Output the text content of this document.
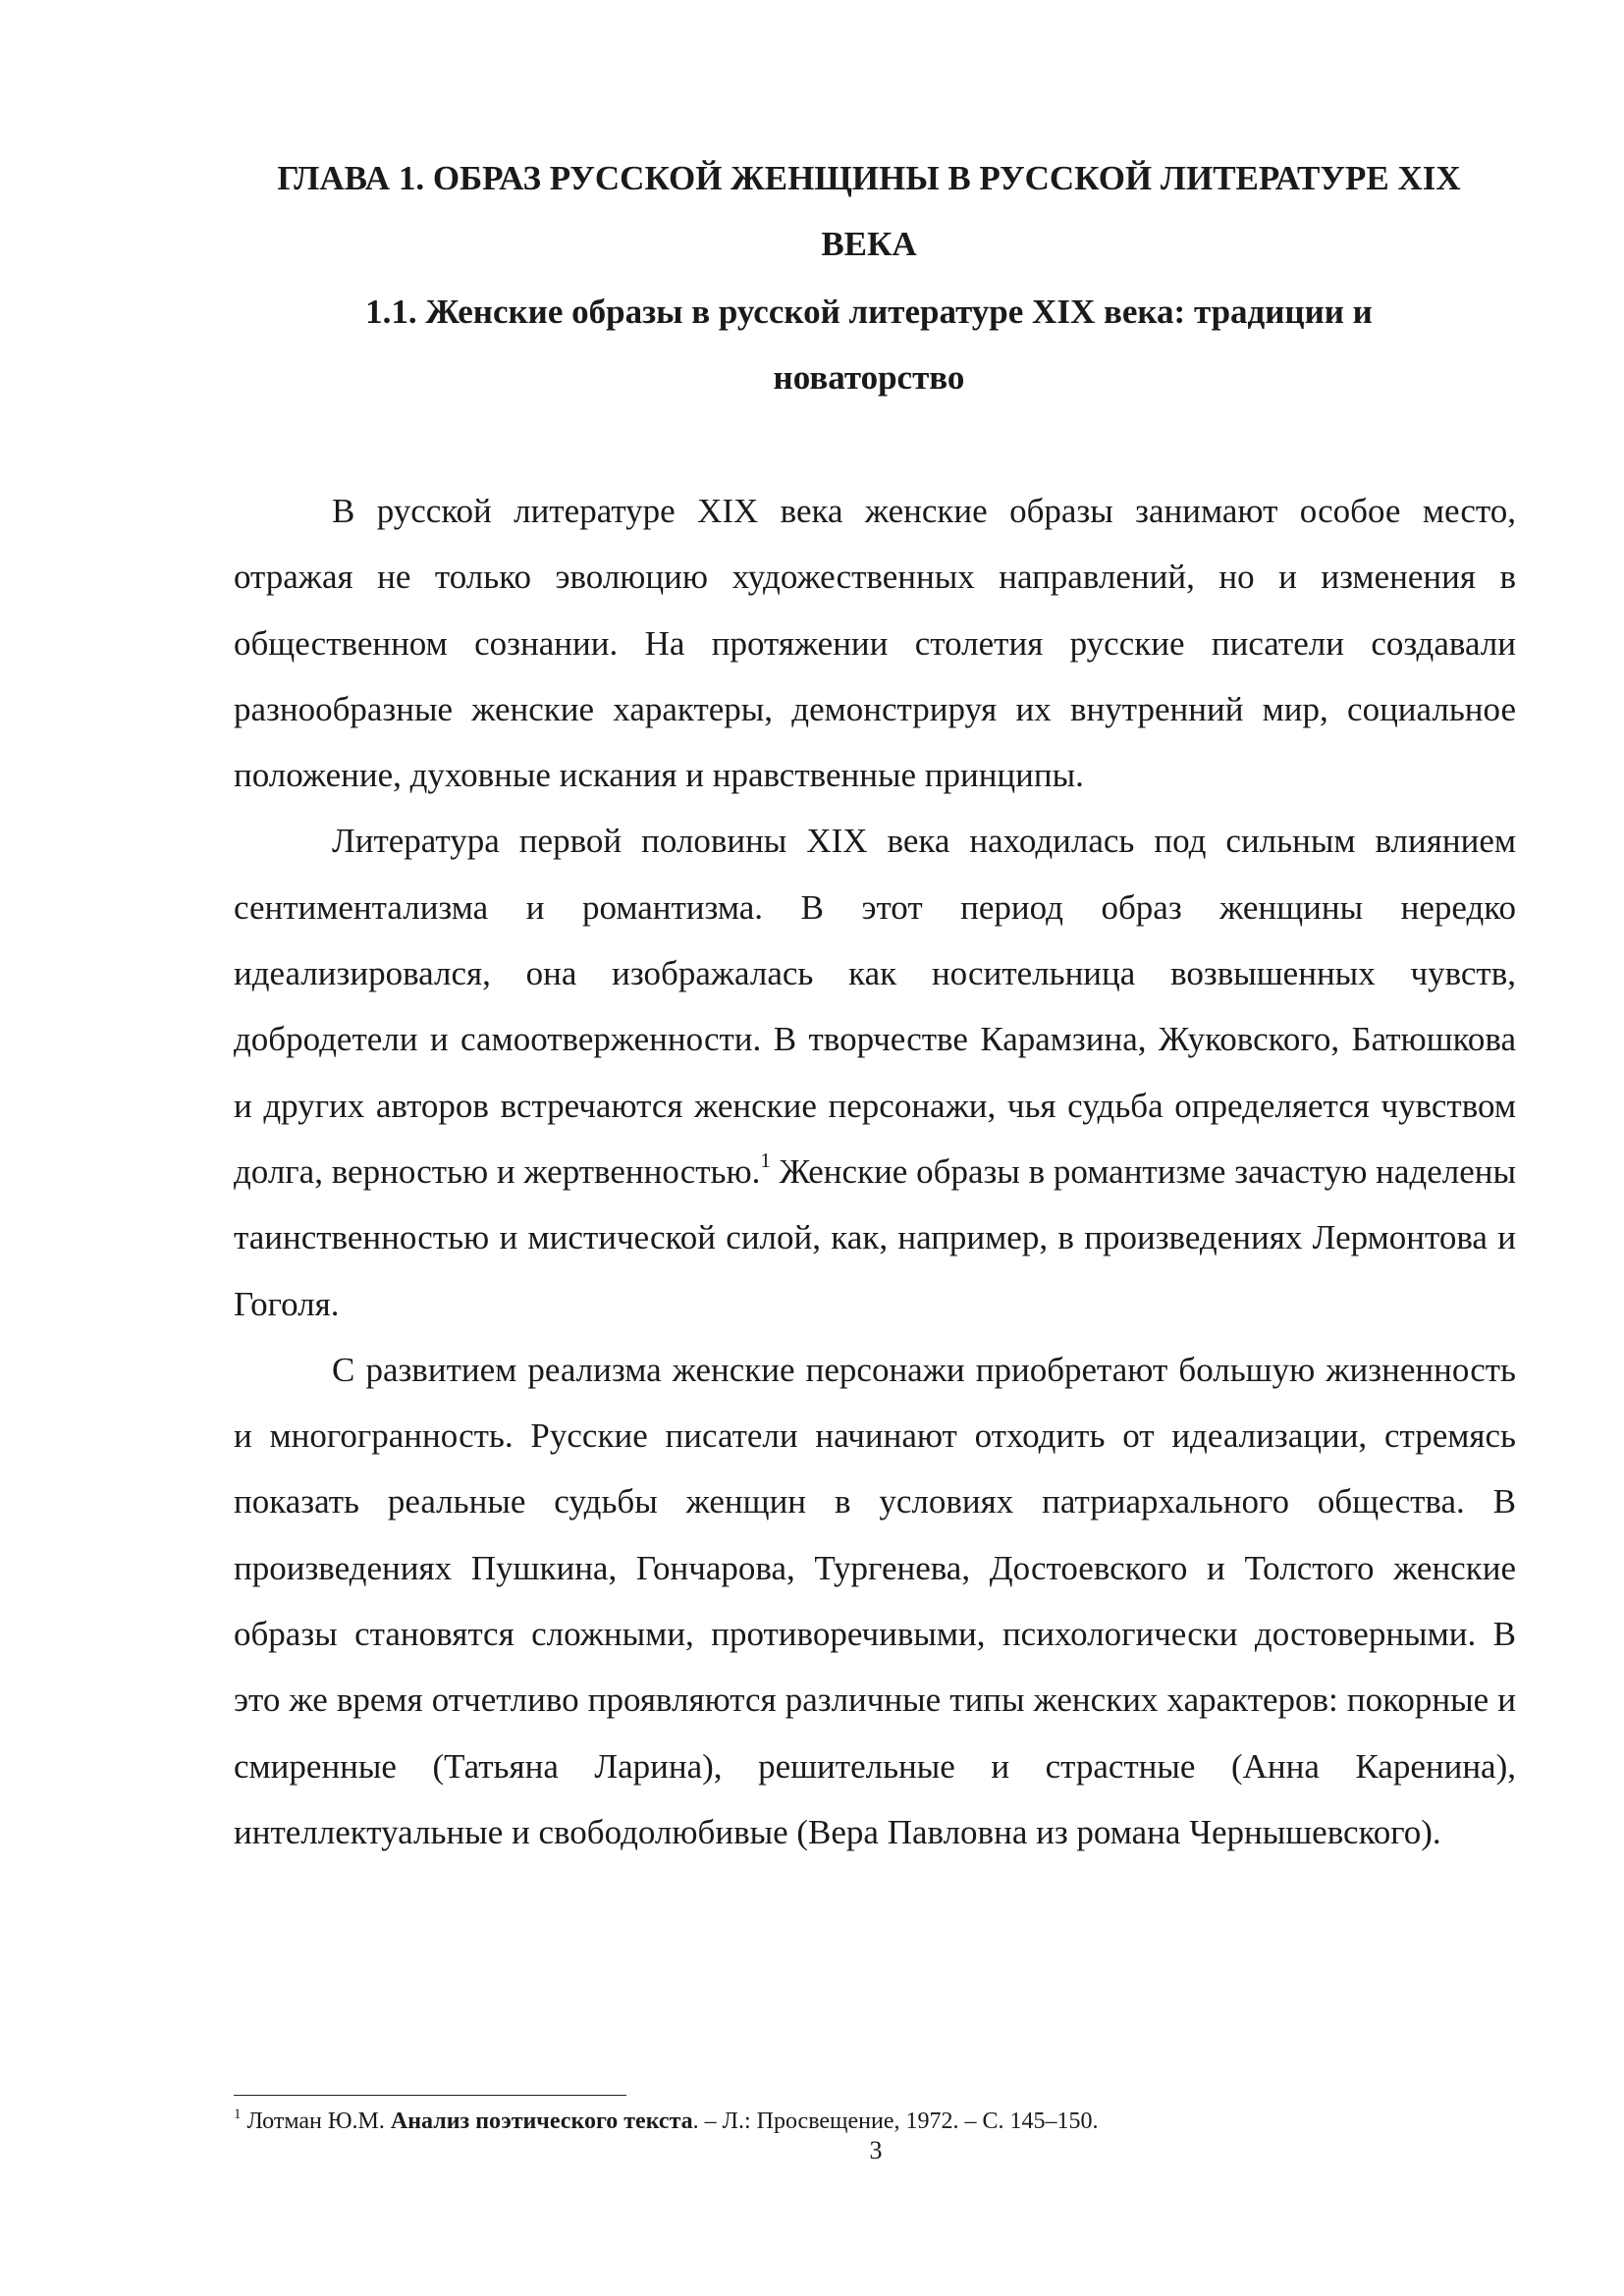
ГЛАВА 1. ОБРАЗ РУССКОЙ ЖЕНЩИНЫ В РУССКОЙ ЛИТЕРАТУРЕ XIX ВЕКА
1.1. Женские образы в русской литературе XIX века: традиции и новаторство

В русской литературе XIX века женские образы занимают особое место, отражая не только эволюцию художественных направлений, но и изменения в общественном сознании. На протяжении столетия русские писатели создавали разнообразные женские характеры, демонстрируя их внутренний мир, социальное положение, духовные искания и нравственные принципы.

Литература первой половины XIX века находилась под сильным влиянием сентиментализма и романтизма. В этот период образ женщины нередко идеализировался, она изображалась как носительница возвышенных чувств, добродетели и самоотверженности. В творчестве Карамзина, Жуковского, Батюшкова и других авторов встречаются женские персонажи, чья судьба определяется чувством долга, верностью и жертвенностью.$^1$ Женские образы в романтизме зачастую наделены таинственностью и мистической силой, как, например, в произведениях Лермонтова и Гоголя.

С развитием реализма женские персонажи приобретают большую жизненность и многогранность. Русские писатели начинают отходить от идеализации, стремясь показать реальные судьбы женщин в условиях патриархального общества. В произведениях Пушкина, Гончарова, Тургенева, Достоевского и Толстого женские образы становятся сложными, противоречивыми, психологически достоверными. В это же время отчетливо проявляются различные типы женских характеров: покорные и смиренные (Татьяна Ларина), решительные и страстные (Анна Каренина), интеллектуальные и свободолюбивые (Вера Павловна из романа Чернышевского).

$^1$ Лотман Ю.М. Анализ поэтического текста. – Л.: Просвещение, 1972. – С. 145–150.

3
